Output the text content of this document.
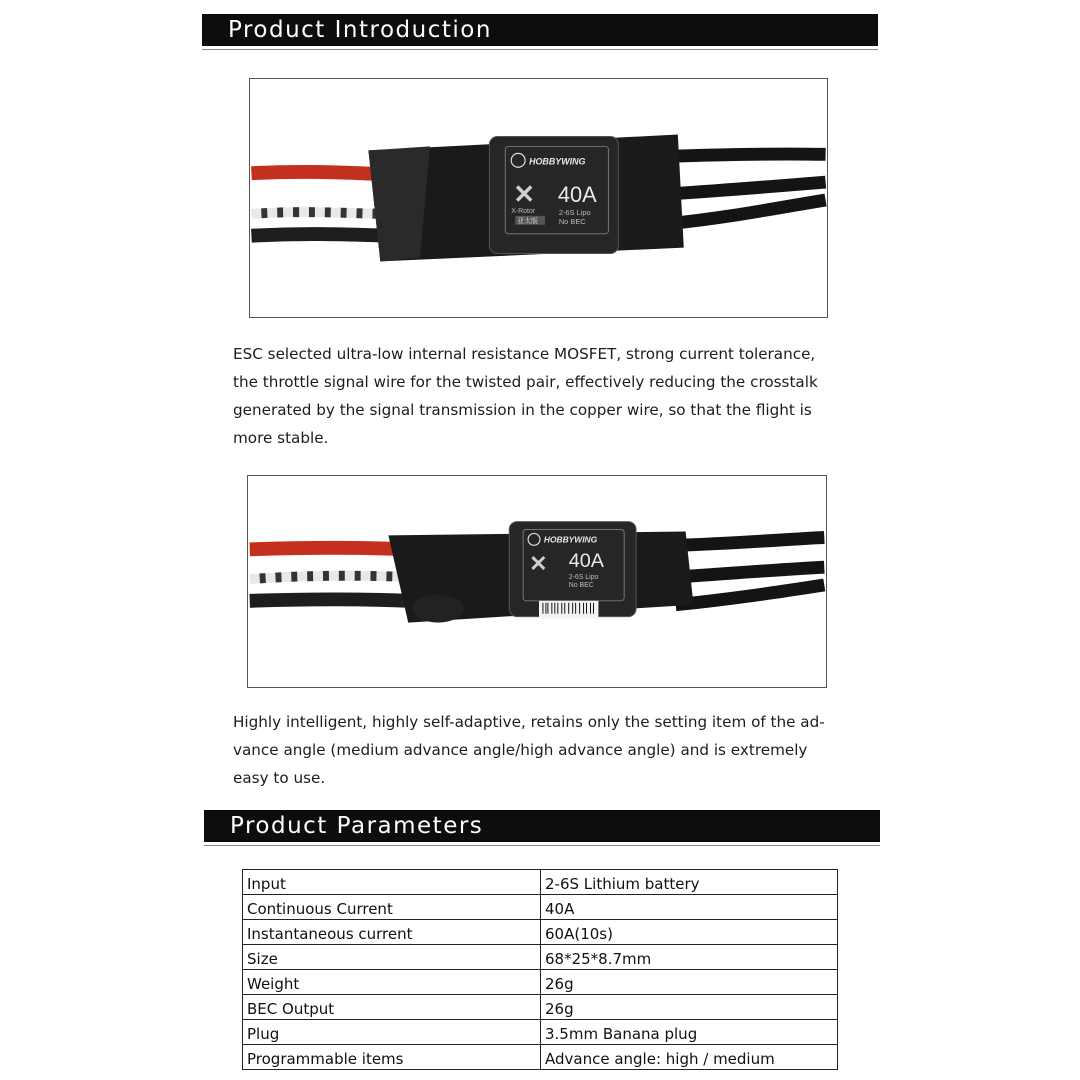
Product Introduction
HOBBYWING
✕
X-Rotor
40A
2-6S Lipo
No BEC
亚太版
ESC selected ultra-low internal resistance MOSFET, strong current tolerance,
the throttle signal wire for the twisted pair, effectively reducing the crosstalk
generated by the signal transmission in the copper wire, so that the flight is
more stable.
HOBBYWING
✕ 40A
2-6S Lipo
No BEC
Highly intelligent, highly self-adaptive, retains only the setting item of the ad-
vance angle (medium advance angle/high advance angle) and is extremely
easy to use.
Product Parameters
Input	2-6S Lithium battery
Continuous Current	40A
Instantaneous current	60A(10s)
Size	68*25*8.7mm
Weight	26g
BEC Output	26g
Plug	3.5mm Banana plug
Programmable items	Advance angle: high / medium
